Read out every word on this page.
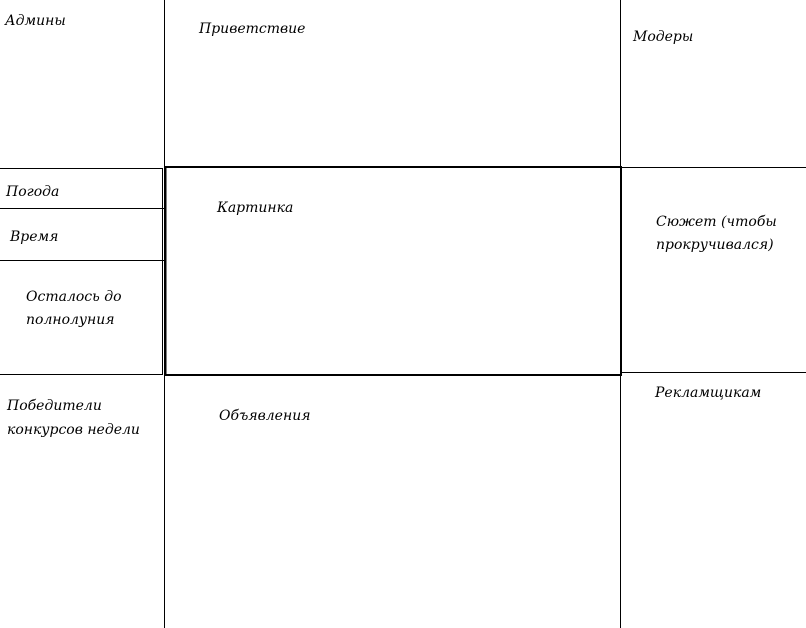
Админы	Приветствие	Модеры
Погода
Время
Осталось до
полнолуния
Картинка
Сюжет (чтобы
прокручивался)
Победители
конкурсов недели
Объявления
Рекламщикам
